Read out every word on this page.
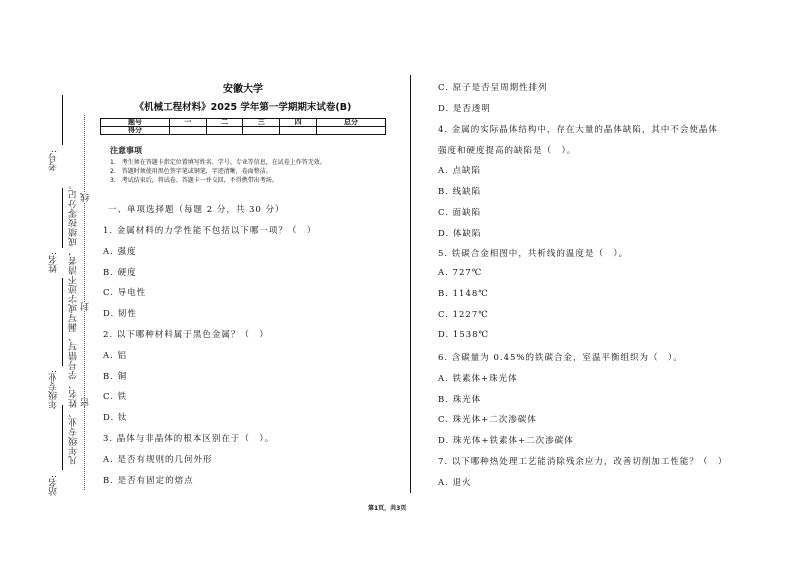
考号:
姓名:
年级专业:
站名:
凡年级专业、姓名、学号错写、漏写或字迹不清者，成绩按零分记。 密
封
线
安徽大学
《机械工程材料》2025 学年第一学期期末试卷(B)
题号	一	二	三	四	总分
得分					
注意事项
1.　考生须在答题卡指定位置填写姓名、学号、专业等信息，在试卷上作答无效。
2.　答题时须使用黑色签字笔或钢笔，字迹清晰，卷面整洁。
3.　考试结束后，将试卷、答题卡一并交回，不得携带出考场。
一、单项选择题（每题 2 分，共 30 分）
1. 金属材料的力学性能不包括以下哪一项？（　）
A. 强度
B. 硬度
C. 导电性
D. 韧性
2. 以下哪种材料属于黑色金属？（　）
A. 铝
B. 铜
C. 铁
D. 钛
3. 晶体与非晶体的根本区别在于（　）。
A. 是否有规则的几何外形
B. 是否有固定的熔点
C. 原子是否呈周期性排列
D. 是否透明
4. 金属的实际晶体结构中，存在大量的晶体缺陷，其中不会使晶体
强度和硬度提高的缺陷是（　）。
A. 点缺陷
B. 线缺陷
C. 面缺陷
D. 体缺陷
5. 铁碳合金相图中，共析线的温度是（　）。
A. 727℃
B. 1148℃
C. 1227℃
D. 1538℃
6. 含碳量为 0.45%的铁碳合金，室温平衡组织为（　）。
A. 铁素体+珠光体
B. 珠光体
C. 珠光体+二次渗碳体
D. 珠光体+铁素体+二次渗碳体
7. 以下哪种热处理工艺能消除残余应力，改善切削加工性能？（　）
A. 退火
第1页，共3页
